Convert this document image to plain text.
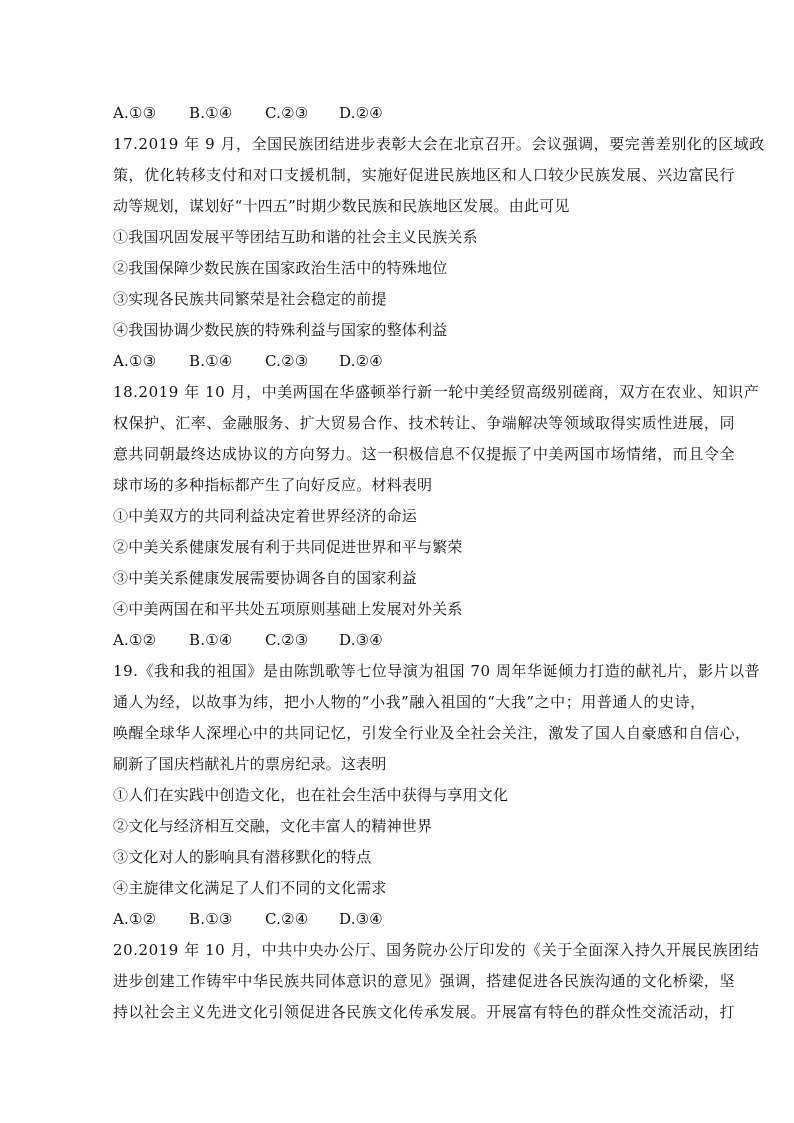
A.①③	B.①④	C.②③	D.②④
17.2019 年 9 月，全国民族团结进步表彰大会在北京召开。会议强调，要完善差别化的区域政
策，优化转移支付和对口支援机制，实施好促进民族地区和人口较少民族发展、兴边富民行
动等规划，谋划好“十四五”时期少数民族和民族地区发展。由此可见
①我国巩固发展平等团结互助和谐的社会主义民族关系
②我国保障少数民族在国家政治生活中的特殊地位
③实现各民族共同繁荣是社会稳定的前提
④我国协调少数民族的特殊利益与国家的整体利益
A.①③	B.①④	C.②③	D.②④
18.2019 年 10 月，中美两国在华盛顿举行新一轮中美经贸高级别磋商，双方在农业、知识产
权保护、汇率、金融服务、扩大贸易合作、技术转让、争端解决等领域取得实质性进展，同
意共同朝最终达成协议的方向努力。这一积极信息不仅提振了中美两国市场情绪，而且令全
球市场的多种指标都产生了向好反应。材料表明
①中美双方的共同利益决定着世界经济的命运
②中美关系健康发展有利于共同促进世界和平与繁荣
③中美关系健康发展需要协调各自的国家利益
④中美两国在和平共处五项原则基础上发展对外关系
A.①②	B.①④	C.②③	D.③④
19.《我和我的祖国》是由陈凯歌等七位导演为祖国 70 周年华诞倾力打造的献礼片，影片以普
通人为经，以故事为纬，把小人物的“小我”融入祖国的“大我”之中；用普通人的史诗，
唤醒全球华人深埋心中的共同记忆，引发全行业及全社会关注，激发了国人自豪感和自信心，
刷新了国庆档献礼片的票房纪录。这表明
①人们在实践中创造文化，也在社会生活中获得与享用文化
②文化与经济相互交融，文化丰富人的精神世界
③文化对人的影响具有潜移默化的特点
④主旋律文化满足了人们不同的文化需求
A.①②	B.①③	C.②④	D.③④
20.2019 年 10 月，中共中央办公厅、国务院办公厅印发的《关于全面深入持久开展民族团结
进步创建工作铸牢中华民族共同体意识的意见》强调，搭建促进各民族沟通的文化桥梁，坚
持以社会主义先进文化引领促进各民族文化传承发展。开展富有特色的群众性交流活动，打
